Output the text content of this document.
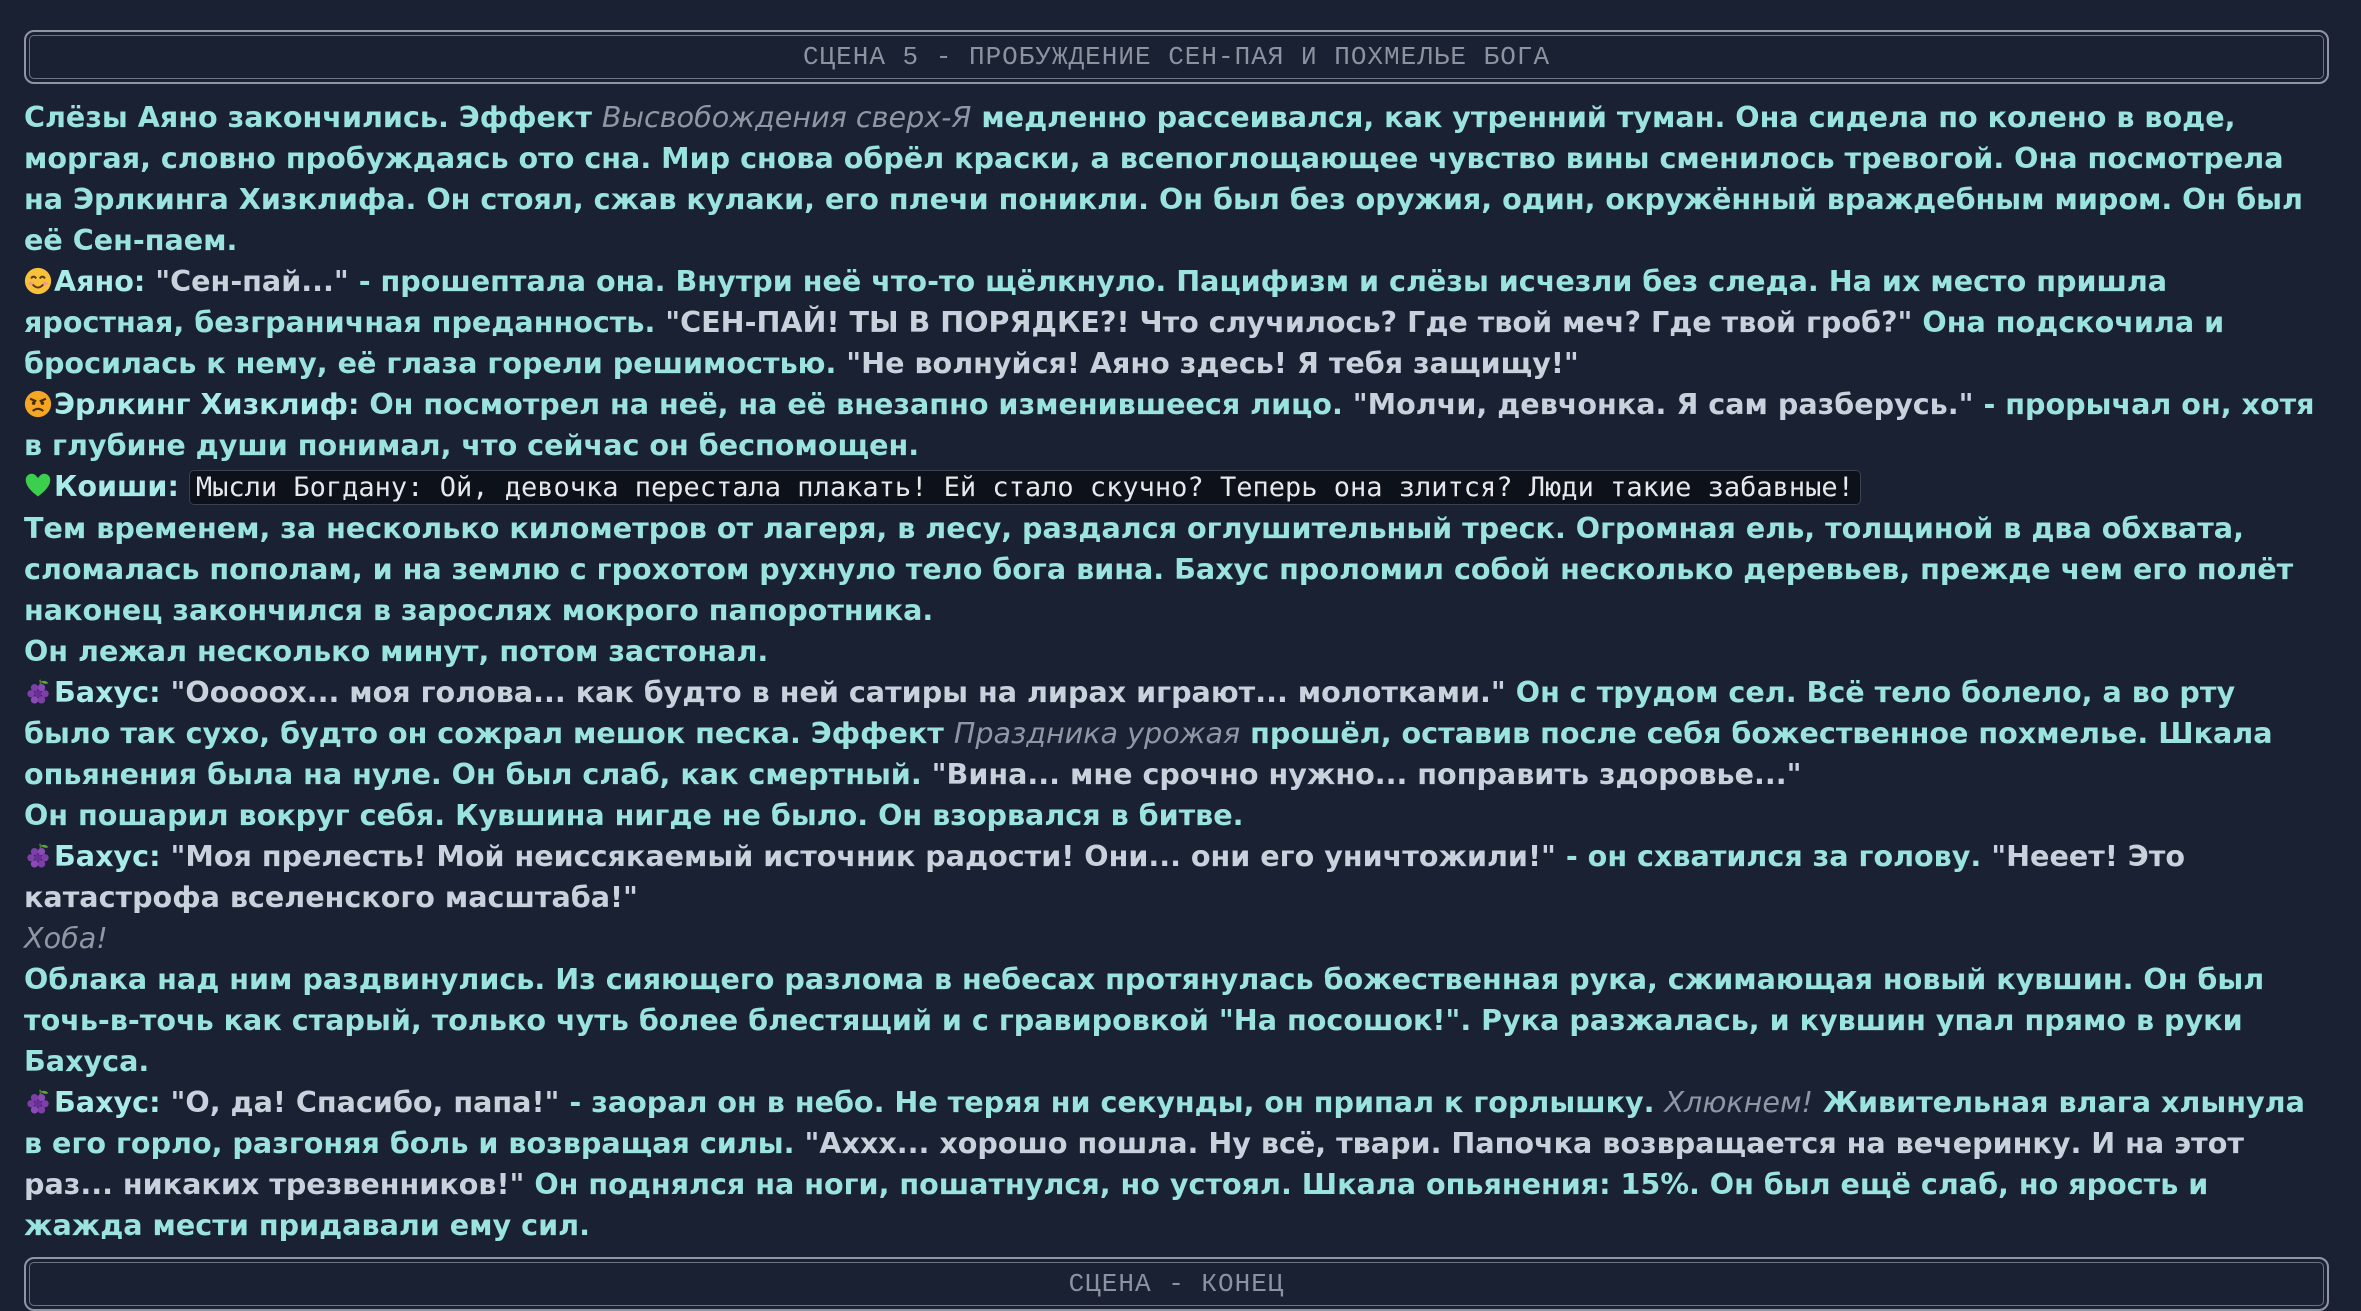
СЦЕНА 5 - ПРОБУЖДЕНИЕ СЕН-ПАЯ И ПОХМЕЛЬЕ БОГА

Слёзы Аяно закончились. Эффект Высвобождения сверх-Я медленно рассеивался, как утренний туман. Она сидела по колено в воде, моргая, словно пробуждаясь ото сна. Мир снова обрёл краски, а всепоглощающее чувство вины сменилось тревогой. Она посмотрела на Эрлкинга Хизклифа. Он стоял, сжав кулаки, его плечи поникли. Он был без оружия, один, окружённый враждебным миром. Он был её Сен-паем.

Аяно: "Сен-пай..." - прошептала она. Внутри неё что-то щёлкнуло. Пацифизм и слёзы исчезли без следа. На их место пришла яростная, безграничная преданность. "СЕН-ПАЙ! ТЫ В ПОРЯДКЕ?! Что случилось? Где твой меч? Где твой гроб?" Она подскочила и бросилась к нему, её глаза горели решимостью. "Не волнуйся! Аяно здесь! Я тебя защищу!"

Эрлкинг Хизклиф: Он посмотрел на неё, на её внезапно изменившееся лицо. "Молчи, девчонка. Я сам разберусь." - прорычал он, хотя в глубине души понимал, что сейчас он беспомощен.

Коиши: Мысли Богдану: Ой, девочка перестала плакать! Ей стало скучно? Теперь она злится? Люди такие забавные!

Тем временем, за несколько километров от лагеря, в лесу, раздался оглушительный треск. Огромная ель, толщиной в два обхвата, сломалась пополам, и на землю с грохотом рухнуло тело бога вина. Бахус проломил собой несколько деревьев, прежде чем его полёт наконец закончился в зарослях мокрого папоротника.

Он лежал несколько минут, потом застонал.

Бахус: "Ооооох... моя голова... как будто в ней сатиры на лирах играют... молотками." Он с трудом сел. Всё тело болело, а во рту было так сухо, будто он сожрал мешок песка. Эффект Праздника урожая прошёл, оставив после себя божественное похмелье. Шкала опьянения была на нуле. Он был слаб, как смертный. "Вина... мне срочно нужно... поправить здоровье..."

Он пошарил вокруг себя. Кувшина нигде не было. Он взорвался в битве.

Бахус: "Моя прелесть! Мой неиссякаемый источник радости! Они... они его уничтожили!" - он схватился за голову. "Нееет! Это катастрофа вселенского масштаба!"

Хоба!

Облака над ним раздвинулись. Из сияющего разлома в небесах протянулась божественная рука, сжимающая новый кувшин. Он был точь-в-точь как старый, только чуть более блестящий и с гравировкой "На посошок!". Рука разжалась, и кувшин упал прямо в руки Бахуса.

Бахус: "О, да! Спасибо, папа!" - заорал он в небо. Не теряя ни секунды, он припал к горлышку. Хлюкнем! Живительная влага хлынула в его горло, разгоняя боль и возвращая силы. "Аххх... хорошо пошла. Ну всё, твари. Папочка возвращается на вечеринку. И на этот раз... никаких трезвенников!" Он поднялся на ноги, пошатнулся, но устоял. Шкала опьянения: 15%. Он был ещё слаб, но ярость и жажда мести придавали ему сил.

СЦЕНА - КОНЕЦ
